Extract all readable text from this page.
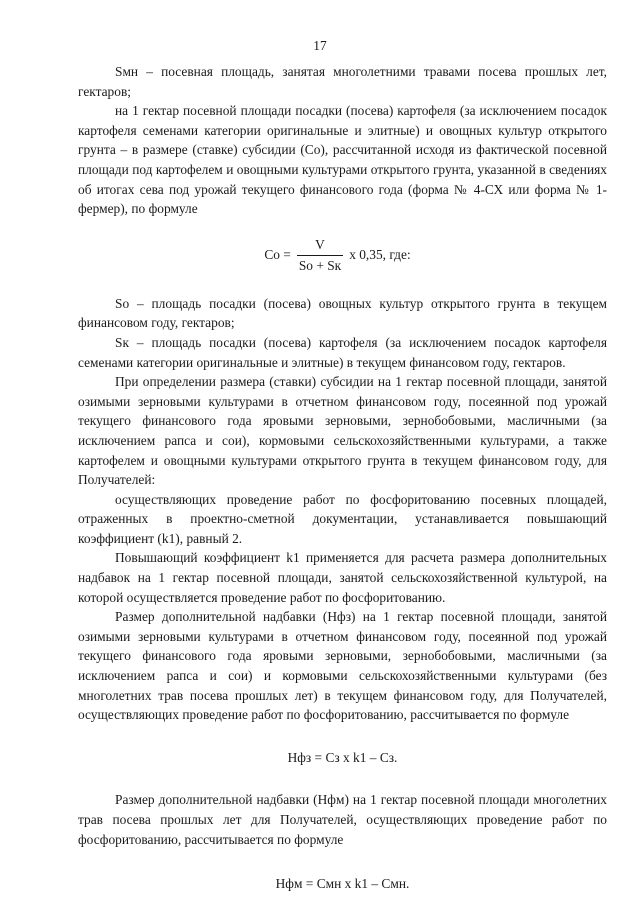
17

Sмн – посевная площадь, занятая многолетними травами посева прошлых лет, гектаров;

на 1 гектар посевной площади посадки (посева) картофеля (за исключением посадок картофеля семенами категории оригинальные и элитные) и овощных культур открытого грунта – в размере (ставке) субсидии (Со), рассчитанной исходя из фактической посевной площади под картофелем и овощными культурами открытого грунта, указанной в сведениях об итогах сева под урожай текущего финансового года (форма № 4-СХ или форма № 1-фермер), по формуле

Со = $\frac{V}{Sо + Sк}$ x 0,35, где:

Sо – площадь посадки (посева) овощных культур открытого грунта в текущем финансовом году, гектаров;

Sк – площадь посадки (посева) картофеля (за исключением посадок картофеля семенами категории оригинальные и элитные) в текущем финансовом году, гектаров.

При определении размера (ставки) субсидии на 1 гектар посевной площади, занятой озимыми зерновыми культурами в отчетном финансовом году, посеянной под урожай текущего финансового года яровыми зерновыми, зернобобовыми, масличными (за исключением рапса и сои), кормовыми сельскохозяйственными культурами, а также картофелем и овощными культурами открытого грунта в текущем финансовом году, для Получателей:

осуществляющих проведение работ по фосфоритованию посевных площадей, отраженных в проектно-сметной документации, устанавливается повышающий коэффициент (k1), равный 2.

Повышающий коэффициент k1 применяется для расчета размера дополнительных надбавок на 1 гектар посевной площади, занятой сельскохозяйственной культурой, на которой осуществляется проведение работ по фосфоритованию.

Размер дополнительной надбавки (Нфз) на 1 гектар посевной площади, занятой озимыми зерновыми культурами в отчетном финансовом году, посеянной под урожай текущего финансового года яровыми зерновыми, зернобобовыми, масличными (за исключением рапса и сои) и кормовыми сельскохозяйственными культурами (без многолетних трав посева прошлых лет) в текущем финансовом году, для Получателей, осуществляющих проведение работ по фосфоритованию, рассчитывается по формуле

Нфз = Сз x k1 – Сз.

Размер дополнительной надбавки (Нфм) на 1 гектар посевной площади многолетних трав посева прошлых лет для Получателей, осуществляющих проведение работ по фосфоритованию, рассчитывается по формуле

Нфм = Смн x k1 – Смн.
